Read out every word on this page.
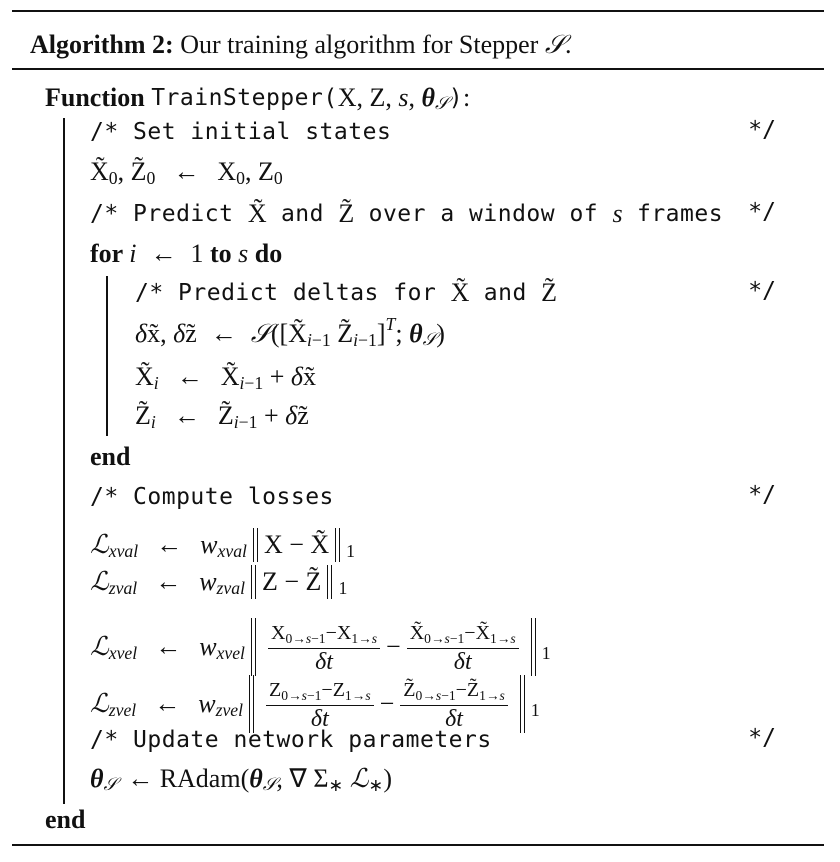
Algorithm 2: Our training algorithm for Stepper 𝒮 .
Function TrainStepper( X, Z, s , θ 𝒮 ) :
/* Set initial states
X̃ 0 , Z̃ 0 ← X 0 , Z 0
/* Predict X̃ and Z̃ over a window of s frames
for i ← 1 to s do
/* Predict deltas for X̃ and Z̃
δ x̃, δ z̃ ← 𝒮 ([X̃ i−1 Z̃ i−1 ] T ; θ 𝒮 )
X̃ i ← X̃ i−1 + δ x̃
Z̃ i ← Z̃ i−1 + δ z̃
end
/* Compute losses
ℒ xval ← w xval X − X̃ 1
ℒ zval ← w zval Z − Z̃ 1
ℒ xvel ← w xvel $\frac{X_{0\to s-1}-X_{1\to s}}{\delta t} - \frac{X̃_{0\to s-1}-X̃_{1\to s}}{\delta t} 1$
ℒ zvel ← w zvel $\frac{Z_{0\to s-1}-Z_{1\to s}}{\delta t} - \frac{Z̃_{0\to s-1}-Z̃_{1\to s}}{\delta t} 1$
/* Update network parameters
θ 𝒮 ← RAdam( θ 𝒮 , ∇ Σ ∗
ℒ ∗ )
end
*/
*/
*/
*/
*/
